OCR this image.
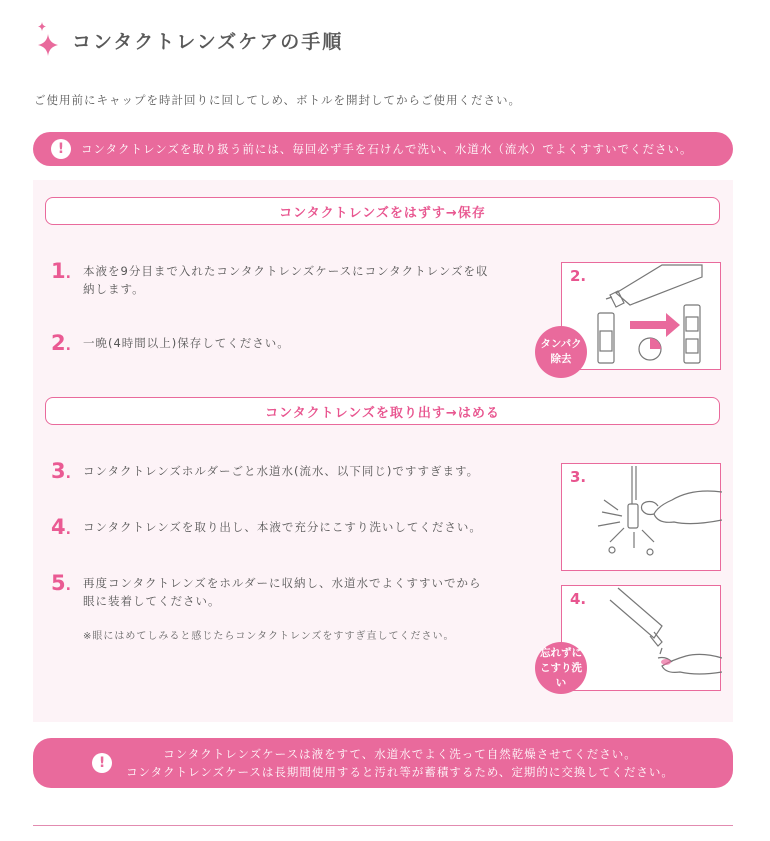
コンタクトレンズケアの手順
ご使用前にキャップを時計回りに回してしめ、ボトルを開封してからご使用ください。
!	コンタクトレンズを取り扱う前には、毎回必ず手を石けんで洗い、水道水（流水）でよくすすいでください。
コンタクトレンズをはずす→保存
1.	本液を9分目まで入れたコンタクトレンズケースにコンタクトレンズを収
納します。
2.	一晩(4時間以上)保存してください。
2.
タンパク
除去
コンタクトレンズを取り出す→はめる
3.	コンタクトレンズホルダーごと水道水(流水、以下同じ)ですすぎます。
4.	コンタクトレンズを取り出し、本液で充分にこすり洗いしてください。
5.	再度コンタクトレンズをホルダーに収納し、水道水でよくすすいでから
眼に装着してください。
※眼にはめてしみると感じたらコンタクトレンズをすすぎ直してください。
3.
4.
忘れずに
こすり洗い
!
コンタクトレンズケースは液をすて、水道水でよく洗って自然乾燥させてください。
コンタクトレンズケースは長期間使用すると汚れ等が蓄積するため、定期的に交換してください。
